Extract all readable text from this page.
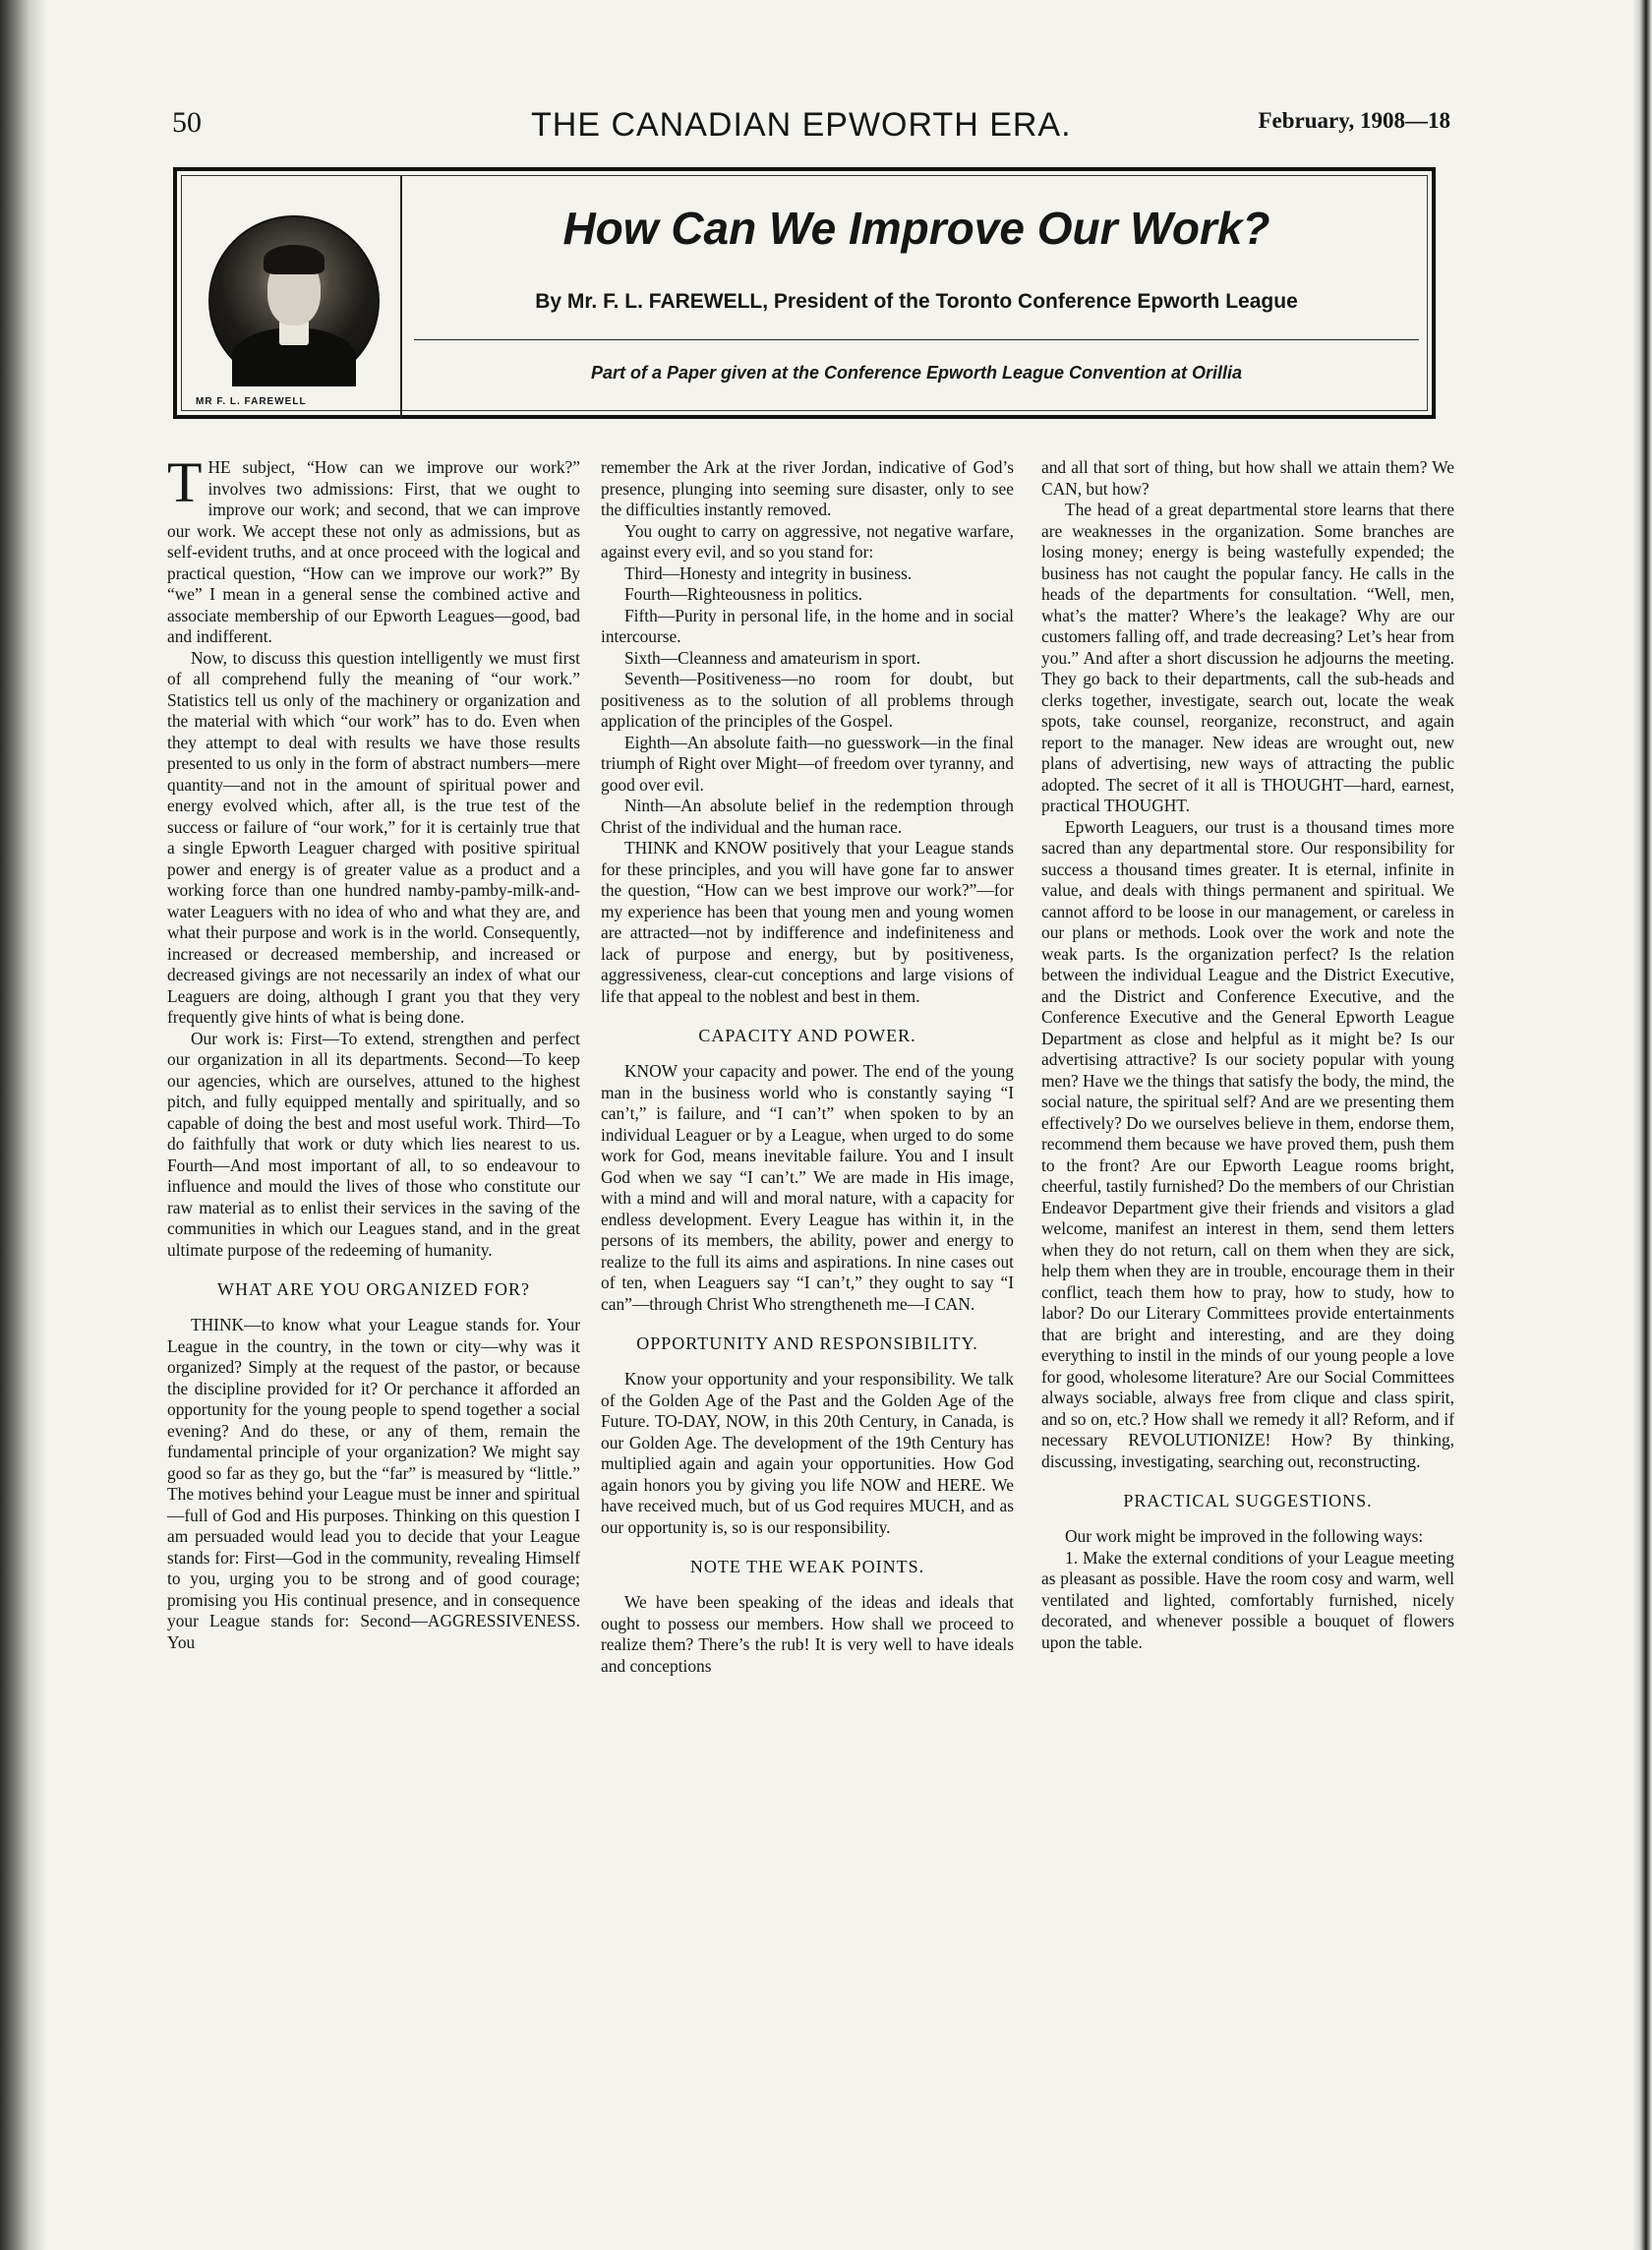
50	THE CANADIAN EPWORTH ERA.	February, 1908—18
MR F. L. FAREWELL
How Can We Improve Our Work?
By Mr. F. L. FAREWELL, President of the Toronto Conference Epworth League
Part of a Paper given at the Conference Epworth League Convention at Orillia

THE subject, “How can we improve our work?” involves two admissions: First, that we ought to improve our work; and second, that we can improve our work. We accept these not only as admissions, but as self-evident truths, and at once proceed with the logical and practical question, “How can we improve our work?” By “we” I mean in a general sense the combined active and associate membership of our Epworth Leagues—good, bad and indifferent.

Now, to discuss this question intelligently we must first of all comprehend fully the meaning of “our work.” Statistics tell us only of the machinery or organization and the material with which “our work” has to do. Even when they attempt to deal with results we have those results presented to us only in the form of abstract numbers—mere quantity—and not in the amount of spiritual power and energy evolved which, after all, is the true test of the success or failure of “our work,” for it is certainly true that a single Epworth Leaguer charged with positive spiritual power and energy is of greater value as a product and a working force than one hundred namby-pamby-milk-and-water Leaguers with no idea of who and what they are, and what their purpose and work is in the world. Consequently, increased or decreased membership, and increased or decreased givings are not necessarily an index of what our Leaguers are doing, although I grant you that they very frequently give hints of what is being done.

Our work is: First—To extend, strengthen and perfect our organization in all its departments. Second—To keep our agencies, which are ourselves, attuned to the highest pitch, and fully equipped mentally and spiritually, and so capable of doing the best and most useful work. Third—To do faithfully that work or duty which lies nearest to us. Fourth—And most important of all, to so endeavour to influence and mould the lives of those who constitute our raw material as to enlist their services in the saving of the communities in which our Leagues stand, and in the great ultimate purpose of the redeeming of humanity.

WHAT ARE YOU ORGANIZED FOR?

THINK—to know what your League stands for. Your League in the country, in the town or city—why was it organized? Simply at the request of the pastor, or because the discipline provided for it? Or perchance it afforded an opportunity for the young people to spend together a social evening? And do these, or any of them, remain the fundamental principle of your organization? We might say good so far as they go, but the “far” is measured by “little.” The motives behind your League must be inner and spiritual—full of God and His purposes. Thinking on this question I am persuaded would lead you to decide that your League stands for: First—God in the community, revealing Himself to you, urging you to be strong and of good courage; promising you His continual presence, and in consequence your League stands for: Second—AGGRESSIVENESS. You

remember the Ark at the river Jordan, indicative of God’s presence, plunging into seeming sure disaster, only to see the difficulties instantly removed.

You ought to carry on aggressive, not negative warfare, against every evil, and so you stand for:

Third—Honesty and integrity in business.
Fourth—Righteousness in politics.
Fifth—Purity in personal life, in the home and in social intercourse.
Sixth—Cleanness and amateurism in sport.
Seventh—Positiveness—no room for doubt, but positiveness as to the solution of all problems through application of the principles of the Gospel.
Eighth—An absolute faith—no guesswork—in the final triumph of Right over Might—of freedom over tyranny, and good over evil.
Ninth—An absolute belief in the redemption through Christ of the individual and the human race.

THINK and KNOW positively that your League stands for these principles, and you will have gone far to answer the question, “How can we best improve our work?”—for my experience has been that young men and young women are attracted—not by indifference and indefiniteness and lack of purpose and energy, but by positiveness, aggressiveness, clear-cut conceptions and large visions of life that appeal to the noblest and best in them.

CAPACITY AND POWER.

KNOW your capacity and power. The end of the young man in the business world who is constantly saying “I can’t,” is failure, and “I can’t” when spoken to by an individual Leaguer or by a League, when urged to do some work for God, means inevitable failure. You and I insult God when we say “I can’t.” We are made in His image, with a mind and will and moral nature, with a capacity for endless development. Every League has within it, in the persons of its members, the ability, power and energy to realize to the full its aims and aspirations. In nine cases out of ten, when Leaguers say “I can’t,” they ought to say “I can”—through Christ Who strengtheneth me—I CAN.

OPPORTUNITY AND RESPONSIBILITY.

Know your opportunity and your responsibility. We talk of the Golden Age of the Past and the Golden Age of the Future. TO-DAY, NOW, in this 20th Century, in Canada, is our Golden Age. The development of the 19th Century has multiplied again and again your opportunities. How God again honors you by giving you life NOW and HERE. We have received much, but of us God requires MUCH, and as our opportunity is, so is our responsibility.

NOTE THE WEAK POINTS.

We have been speaking of the ideas and ideals that ought to possess our members. How shall we proceed to realize them? There’s the rub! It is very well to have ideals and conceptions

and all that sort of thing, but how shall we attain them? We CAN, but how?

The head of a great departmental store learns that there are weaknesses in the organization. Some branches are losing money; energy is being wastefully expended; the business has not caught the popular fancy. He calls in the heads of the departments for consultation. “Well, men, what’s the matter? Where’s the leakage? Why are our customers falling off, and trade decreasing? Let’s hear from you.” And after a short discussion he adjourns the meeting. They go back to their departments, call the sub-heads and clerks together, investigate, search out, locate the weak spots, take counsel, reorganize, reconstruct, and again report to the manager. New ideas are wrought out, new plans of advertising, new ways of attracting the public adopted. The secret of it all is THOUGHT—hard, earnest, practical THOUGHT.

Epworth Leaguers, our trust is a thousand times more sacred than any departmental store. Our responsibility for success a thousand times greater. It is eternal, infinite in value, and deals with things permanent and spiritual. We cannot afford to be loose in our management, or careless in our plans or methods. Look over the work and note the weak parts. Is the organization perfect? Is the relation between the individual League and the District Executive, and the District and Conference Executive, and the Conference Executive and the General Epworth League Department as close and helpful as it might be? Is our advertising attractive? Is our society popular with young men? Have we the things that satisfy the body, the mind, the social nature, the spiritual self? And are we presenting them effectively? Do we ourselves believe in them, endorse them, recommend them because we have proved them, push them to the front? Are our Epworth League rooms bright, cheerful, tastily furnished? Do the members of our Christian Endeavor Department give their friends and visitors a glad welcome, manifest an interest in them, send them letters when they do not return, call on them when they are sick, help them when they are in trouble, encourage them in their conflict, teach them how to pray, how to study, how to labor? Do our Literary Committees provide entertainments that are bright and interesting, and are they doing everything to instil in the minds of our young people a love for good, wholesome literature? Are our Social Committees always sociable, always free from clique and class spirit, and so on, etc.? How shall we remedy it all? Reform, and if necessary REVOLUTIONIZE! How? By thinking, discussing, investigating, searching out, reconstructing.

PRACTICAL SUGGESTIONS.

Our work might be improved in the following ways:

1. Make the external conditions of your League meeting as pleasant as possible. Have the room cosy and warm, well ventilated and lighted, comfortably furnished, nicely decorated, and whenever possible a bouquet of flowers upon the table.
